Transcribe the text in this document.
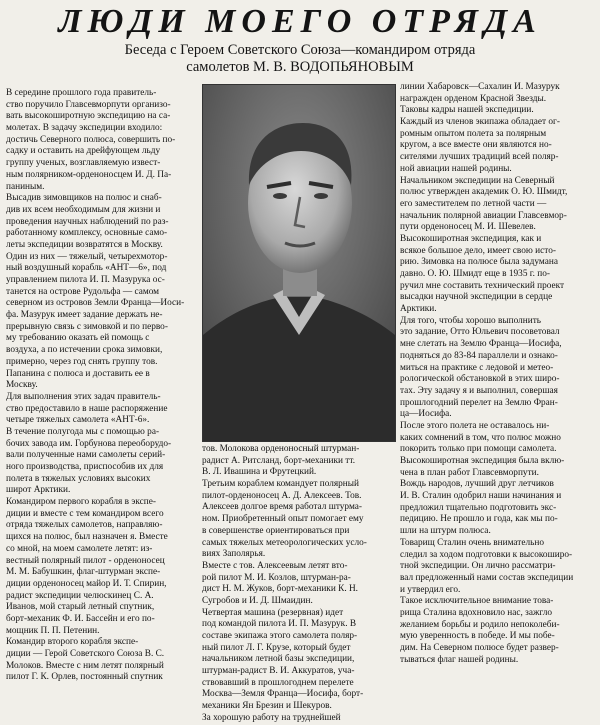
ЛЮДИ МОЕГО ОТРЯДА
Беседа с Героем Советского Союза—командиром отряда
самолетов М. В. ВОДОПЬЯНОВЫМ
В середине прошлого года правитель-
ство поручило Главсевморпути организо-
вать высокоширотную экспедицию на са-
молетах. В задачу экспедиции входило:
достичь Северного полюса, совершить по-
садку и оставить на дрейфующем льду
группу ученых, возглавляемую извест-
ным полярником-орденоносцем И. Д. Па-
паниным.
Высадив зимовщиков на полюс и снаб-
див их всем необходимым для жизни и
проведения научных наблюдений по раз-
работанному комплексу, основные само-
леты экспедиции возвратятся в Москву.
Один из них — тяжелый, четырехмотор-
ный воздушный корабль «АНТ—6», под
управлением пилота И. П. Мазурука ос-
танется на острове Рудольфа — самом
северном из островов Земли Франца—Иоси-
фа. Мазурук имеет задание держать не-
прерывную связь с зимовкой и по перво-
му требованию оказать ей помощь с
воздуха, а по истечении срока зимовки,
примерно, через год снять группу тов.
Папанина с полюса и доставить ее в
Москву.
Для выполнения этих задач правитель-
ство предоставило в наше распоряжение
четыре тяжелых самолета «АНТ-6».
В течение полугода мы с помощью ра-
бочих завода им. Горбунова переоборудо-
вали полученные нами самолеты серий-
ного производства, приспособив их для
полета в тяжелых условиях высоких
широт Арктики.
Командиром первого корабля в экспе-
диции и вместе с тем командиром всего
отряда тяжелых самолетов, направляю-
щихся на полюс, был назначен я. Вместе
со мной, на моем самолете летят: из-
вестный полярный пилот - орденоносец
М. М. Бабушкин, флаг-штурман экспе-
диции орденоносец майор И. Т. Спирин,
радист экспедиции челюскинец С. А.
Иванов, мой старый летный спутник,
борт-механик Ф. И. Бассейн и его по-
мощник П. П. Петенин.
Командир второго корабля экспе-
диции — Герой Советского Союза В. С.
Молоков. Вместе с ним летят полярный
пилот Г. К. Орлев, постоянный спутник
тов. Молокова орденоносный штурман-
радист А. Ритсланд, борт-механики тт.
В. Л. Ивашина и Фрутецкий.
Третьим кораблем командует полярный
пилот-орденоносец А. Д. Алексеев. Тов.
Алексеев долгое время работал штурма-
ном. Приобретенный опыт помогает ему
в совершенстве ориентироваться при
самых тяжелых метеорологических усло-
виях Заполярья.
Вместе с тов. Алексеевым летят вто-
рой пилот М. И. Козлов, штурман-ра-
дист Н. М. Жуков, борт-механики К. Н.
Сугробов и И. Д. Шмаидин.
Четвертая машина (резервная) идет
под командой пилота И. П. Мазурук. В
составе экипажа этого самолета поляр-
ный пилот Л. Г. Крузе, который будет
начальником летной базы экспедиции,
штурман-радист В. И. Аккуратов, уча-
ствовавший в прошлогоднем перелете
Москва—Земля Франца—Иосифа, борт-
механики Ян Брезин и Шекуров.
За хорошую работу на труднейшей
линии Хабаровск—Сахалин И. Мазурук
награжден орденом Красной Звезды.
Таковы кадры нашей экспедиции.
Каждый из членов экипажа обладает ог-
ромным опытом полета за полярным
кругом, а все вместе они являются но-
сителями лучших традиций всей поляр-
ной авиации нашей родины.
Начальником экспедиции на Северный
полюс утвержден академик О. Ю. Шмидт,
его заместителем по летной части —
начальник полярной авиации Главсевмор-
пути орденоносец М. И. Шевелев.
Высокоширотная экспедиция, как и
всякое большое дело, имеет свою исто-
рию. Зимовка на полюсе была задумана
давно. О. Ю. Шмидт еще в 1935 г. по-
ручил мне составить технический проект
высадки научной экспедиции в сердце
Арктики.
Для того, чтобы хорошо выполнить
это задание, Отто Юльевич посоветовал
мне слетать на Землю Франца—Иосифа,
подняться до 83-84 параллели и ознако-
миться на практике с ледовой и метео-
рологической обстановкой в этих широ-
тах. Эту задачу я и выполнил, совершая
прошлогодний перелет на Землю Фран-
ца—Иосифа.
После этого полета не оставалось ни-
каких сомнений в том, что полюс можно
покорить только при помощи самолета.
Высокоширотная экспедиция была вклю-
чена в план работ Главсевморпути.
Вождь народов, лучший друг летчиков
И. В. Сталин одобрил наши начинания и
предложил тщательно подготовить экс-
педицию. Не прошло и года, как мы по-
шли на штурм полюса.
Товарищ Сталин очень внимательно
следил за ходом подготовки к высокоширо-
тной экспедиции. Он лично рассматри-
вал предложенный нами состав экспедиции
и утвердил его.
Такое исключительное внимание това-
рища Сталина вдохновило нас, зажгло
желанием борьбы и родило непоколеби-
мую уверенность в победе. И мы побе-
дим. На Северном полюсе будет развер-
тываться флаг нашей родины.
